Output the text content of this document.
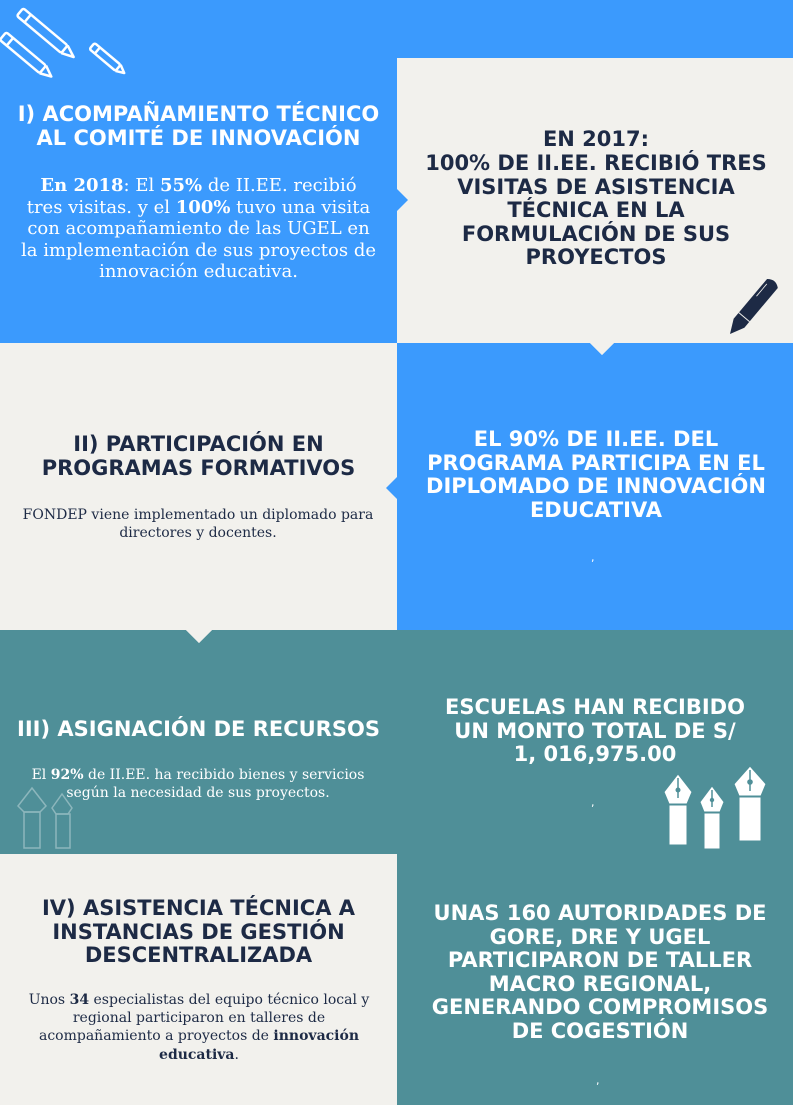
I) ACOMPAÑAMIENTO TÉCNICO AL COMITÉ DE INNOVACIÓN

En 2018: El 55% de II.EE. recibió tres visitas. y el 100% tuvo una visita con acompañamiento de las UGEL en la implementación de sus proyectos de innovación educativa.

EN 2017:
100% DE II.EE. RECIBIÓ TRES VISITAS DE ASISTENCIA TÉCNICA EN LA FORMULACIÓN DE SUS PROYECTOS
II) PARTICIPACIÓN EN PROGRAMAS FORMATIVOS

FONDEP viene implementado un diplomado para directores y docentes.

EL 90% DE II.EE. DEL PROGRAMA PARTICIPA EN EL DIPLOMADO DE INNOVACIÓN EDUCATIVA
,
III) ASIGNACIÓN DE RECURSOS

El 92% de II.EE. ha recibido bienes y servicios según la necesidad de sus proyectos.

ESCUELAS HAN RECIBIDO UN MONTO TOTAL DE S/ 1, 016,975.00
,
IV) ASISTENCIA TÉCNICA A INSTANCIAS DE GESTIÓN DESCENTRALIZADA

Unos 34 especialistas del equipo técnico local y regional participaron en talleres de acompañamiento a proyectos de innovación educativa.

UNAS 160 AUTORIDADES DE GORE, DRE Y UGEL PARTICIPARON DE TALLER MACRO REGIONAL, GENERANDO COMPROMISOS DE COGESTIÓN
,
